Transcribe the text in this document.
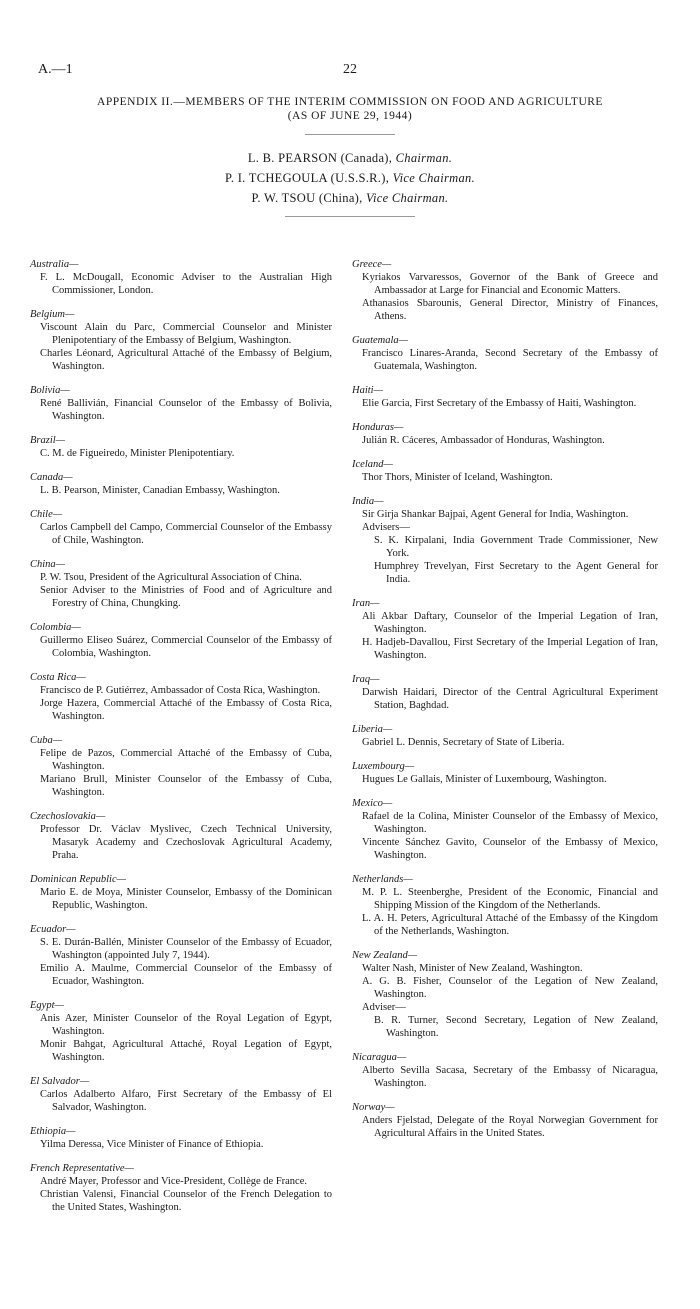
A.—1	22
APPENDIX II.—MEMBERS OF THE INTERIM COMMISSION ON FOOD AND AGRICULTURE
(AS OF JUNE 29, 1944)
L. B. PEARSON (Canada), Chairman.
P. I. TCHEGOULA (U.S.S.R.), Vice Chairman.
P. W. TSOU (China), Vice Chairman.
Australia—
F. L. McDougall, Economic Adviser to the Australian High Commissioner, London.
Belgium—
Viscount Alain du Parc, Commercial Counselor and Minister Plenipotentiary of the Embassy of Belgium, Washington.
Charles Léonard, Agricultural Attaché of the Embassy of Belgium, Washington.
Bolivia—
René Ballivián, Financial Counselor of the Embassy of Bolivia, Washington.
Brazil—
C. M. de Figueiredo, Minister Plenipotentiary.
Canada—
L. B. Pearson, Minister, Canadian Embassy, Washington.
Chile—
Carlos Campbell del Campo, Commercial Counselor of the Embassy of Chile, Washington.
China—
P. W. Tsou, President of the Agricultural Association of China.
Senior Adviser to the Ministries of Food and of Agriculture and Forestry of China, Chungking.
Colombia—
Guillermo Eliseo Suárez, Commercial Counselor of the Embassy of Colombia, Washington.
Costa Rica—
Francisco de P. Gutiérrez, Ambassador of Costa Rica, Washington.
Jorge Hazera, Commercial Attaché of the Embassy of Costa Rica, Washington.
Cuba—
Felipe de Pazos, Commercial Attaché of the Embassy of Cuba, Washington.
Mariano Brull, Minister Counselor of the Embassy of Cuba, Washington.
Czechoslovakia—
Professor Dr. Václav Myslivec, Czech Technical University, Masaryk Academy and Czechoslovak Agricultural Academy, Praha.
Dominican Republic—
Mario E. de Moya, Minister Counselor, Embassy of the Dominican Republic, Washington.
Ecuador—
S. E. Durán-Ballén, Minister Counselor of the Embassy of Ecuador, Washington (appointed July 7, 1944).
Emilio A. Maulme, Commercial Counselor of the Embassy of Ecuador, Washington.
Egypt—
Anis Azer, Minister Counselor of the Royal Legation of Egypt, Washington.
Monir Bahgat, Agricultural Attaché, Royal Legation of Egypt, Washington.
El Salvador—
Carlos Adalberto Alfaro, First Secretary of the Embassy of El Salvador, Washington.
Ethiopia—
Yilma Deressa, Vice Minister of Finance of Ethiopia.
French Representative—
André Mayer, Professor and Vice-President, Collège de France.
Christian Valensi, Financial Counselor of the French Delegation to the United States, Washington.
Greece—
Kyriakos Varvaressos, Governor of the Bank of Greece and Ambassador at Large for Financial and Economic Matters.
Athanasios Sbarounis, General Director, Ministry of Finances, Athens.
Guatemala—
Francisco Linares-Aranda, Second Secretary of the Embassy of Guatemala, Washington.
Haiti—
Elie Garcia, First Secretary of the Embassy of Haiti, Washington.
Honduras—
Julián R. Cáceres, Ambassador of Honduras, Washington.
Iceland—
Thor Thors, Minister of Iceland, Washington.
India—
Sir Girja Shankar Bajpai, Agent General for India, Washington.
Advisers—
S. K. Kirpalani, India Government Trade Commissioner, New York.
Humphrey Trevelyan, First Secretary to the Agent General for India.
Iran—
Ali Akbar Daftary, Counselor of the Imperial Legation of Iran, Washington.
H. Hadjeb-Davallou, First Secretary of the Imperial Legation of Iran, Washington.
Iraq—
Darwish Haidari, Director of the Central Agricultural Experiment Station, Baghdad.
Liberia—
Gabriel L. Dennis, Secretary of State of Liberia.
Luxembourg—
Hugues Le Gallais, Minister of Luxembourg, Washington.
Mexico—
Rafael de la Colina, Minister Counselor of the Embassy of Mexico, Washington.
Vincente Sánchez Gavito, Counselor of the Embassy of Mexico, Washington.
Netherlands—
M. P. L. Steenberghe, President of the Economic, Financial and Shipping Mission of the Kingdom of the Netherlands.
L. A. H. Peters, Agricultural Attaché of the Embassy of the Kingdom of the Netherlands, Washington.
New Zealand—
Walter Nash, Minister of New Zealand, Washington.
A. G. B. Fisher, Counselor of the Legation of New Zealand, Washington.
Adviser—
B. R. Turner, Second Secretary, Legation of New Zealand, Washington.
Nicaragua—
Alberto Sevilla Sacasa, Secretary of the Embassy of Nicaragua, Washington.
Norway—
Anders Fjelstad, Delegate of the Royal Norwegian Government for Agricultural Affairs in the United States.
